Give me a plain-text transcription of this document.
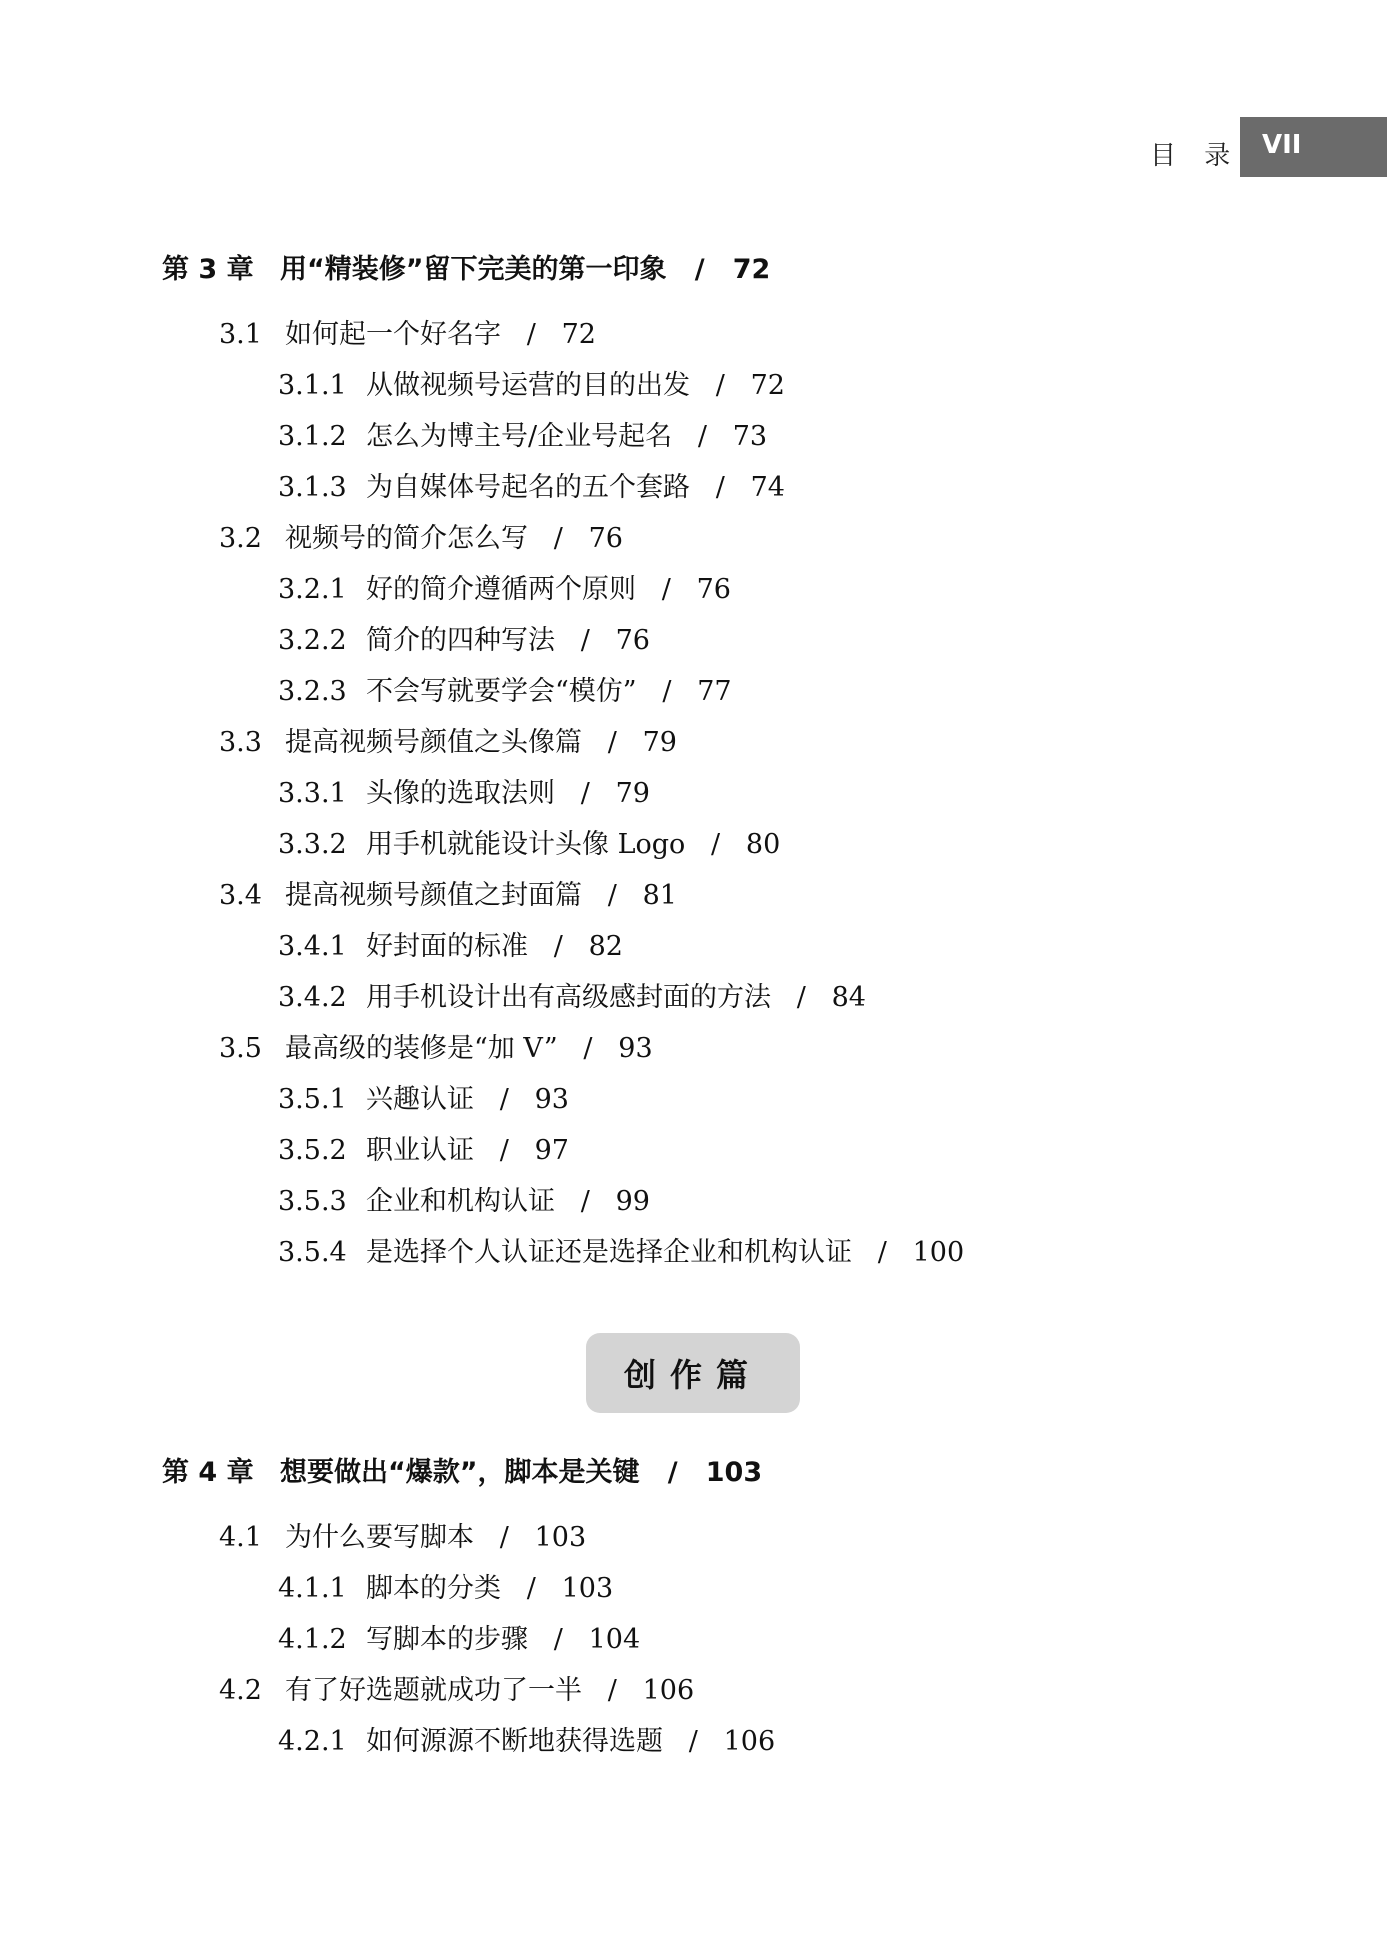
目 录 VII
第 3 章 用“精装修”留下完美的第一印象   /   72
3.1 如何起一个好名字   /   72
3.1.1 从做视频号运营的目的出发   /   72
3.1.2 怎么为博主号/企业号起名   /   73
3.1.3 为自媒体号起名的五个套路   /   74
3.2 视频号的简介怎么写   /   76
3.2.1 好的简介遵循两个原则   /   76
3.2.2 简介的四种写法   /   76
3.2.3 不会写就要学会“模仿”   /   77
3.3 提高视频号颜值之头像篇   /   79
3.3.1 头像的选取法则   /   79
3.3.2 用手机就能设计头像 Logo   /   80
3.4 提高视频号颜值之封面篇   /   81
3.4.1 好封面的标准   /   82
3.4.2 用手机设计出有高级感封面的方法   /   84
3.5 最高级的装修是“加 V”   /   93
3.5.1 兴趣认证   /   93
3.5.2 职业认证   /   97
3.5.3 企业和机构认证   /   99
3.5.4 是选择个人认证还是选择企业和机构认证   /   100
创作篇
第 4 章 想要做出“爆款”，脚本是关键   /   103
4.1 为什么要写脚本   /   103
4.1.1 脚本的分类   /   103
4.1.2 写脚本的步骤   /   104
4.2 有了好选题就成功了一半   /   106
4.2.1 如何源源不断地获得选题   /   106
